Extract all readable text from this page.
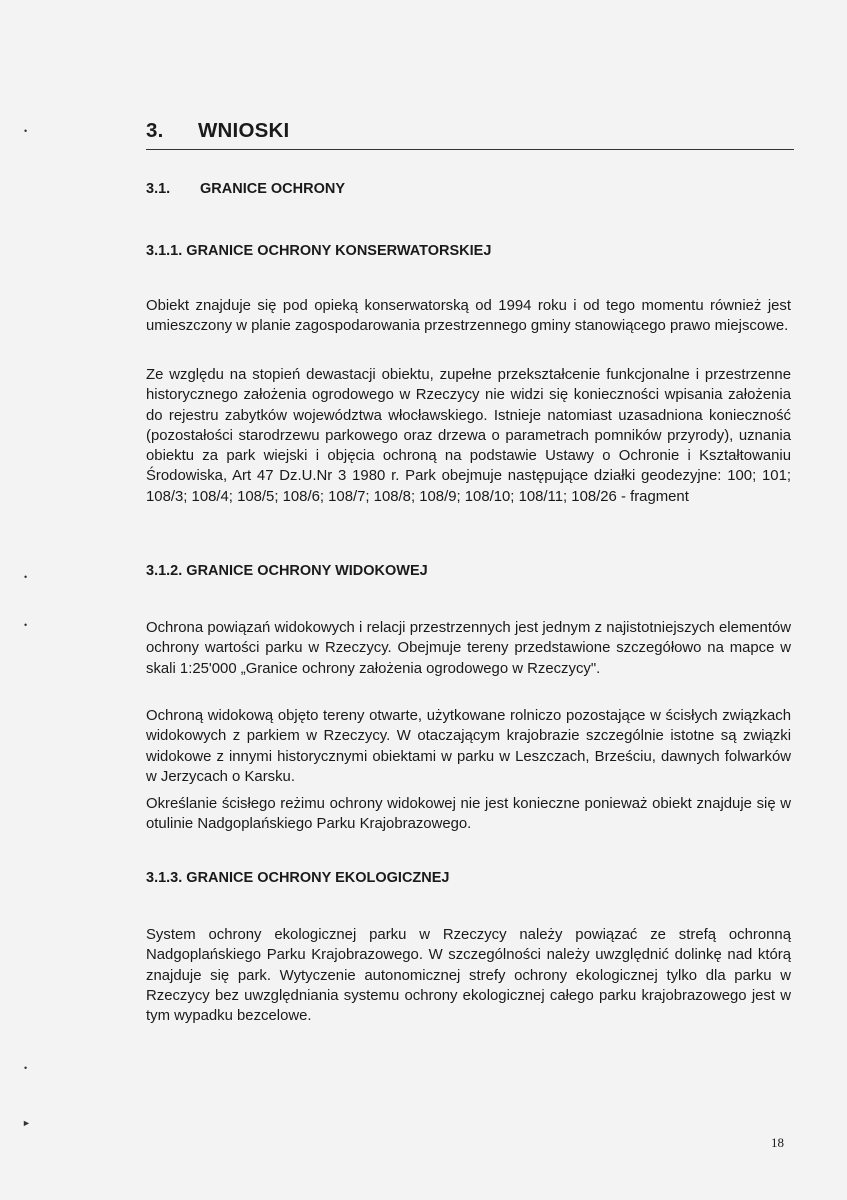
•
•
•
•
►
3. WNIOSKI
3.1. GRANICE OCHRONY
3.1.1. GRANICE OCHRONY KONSERWATORSKIEJ

Obiekt znajduje się pod opieką konserwatorską od 1994 roku i od tego momentu również jest umieszczony w planie zagospodarowania przestrzennego gminy stanowiącego prawo miejscowe.

Ze względu na stopień dewastacji obiektu, zupełne przekształcenie funkcjonalne i przestrzenne historycznego założenia ogrodowego w Rzeczycy nie widzi się konieczności wpisania założenia do rejestru zabytków województwa włocławskiego. Istnieje natomiast uzasadniona konieczność (pozostałości starodrzewu parkowego oraz drzewa o parametrach pomników przyrody), uznania obiektu za park wiejski i objęcia ochroną na podstawie Ustawy o Ochronie i Kształtowaniu Środowiska, Art 47 Dz.U.Nr 3 1980 r. Park obejmuje następujące działki geodezyjne: 100; 101; 108/3; 108/4; 108/5; 108/6; 108/7; 108/8; 108/9; 108/10; 108/11; 108/26 - fragment

3.1.2. GRANICE OCHRONY WIDOKOWEJ

Ochrona powiązań widokowych i relacji przestrzennych jest jednym z najistotniejszych elementów ochrony wartości parku w Rzeczycy. Obejmuje tereny przedstawione szczegółowo na mapce w skali 1:25'000 „Granice ochrony założenia ogrodowego w Rzeczycy".

Ochroną widokową objęto tereny otwarte, użytkowane rolniczo pozostające w ścisłych związkach widokowych z parkiem w Rzeczycy. W otaczającym krajobrazie szczególnie istotne są związki widokowe z innymi historycznymi obiektami w parku w Leszczach, Brześciu, dawnych folwarków w Jerzycach o Karsku.

Określanie ścisłego reżimu ochrony widokowej nie jest konieczne ponieważ obiekt znajduje się w otulinie Nadgoplańskiego Parku Krajobrazowego.

3.1.3. GRANICE OCHRONY EKOLOGICZNEJ

System ochrony ekologicznej parku w Rzeczycy należy powiązać ze strefą ochronną Nadgoplańskiego Parku Krajobrazowego. W szczególności należy uwzględnić dolinkę nad którą znajduje się park. Wytyczenie autonomicznej strefy ochrony ekologicznej tylko dla parku w Rzeczycy bez uwzględniania systemu ochrony ekologicznej całego parku krajobrazowego jest w tym wypadku bezcelowe.

18
